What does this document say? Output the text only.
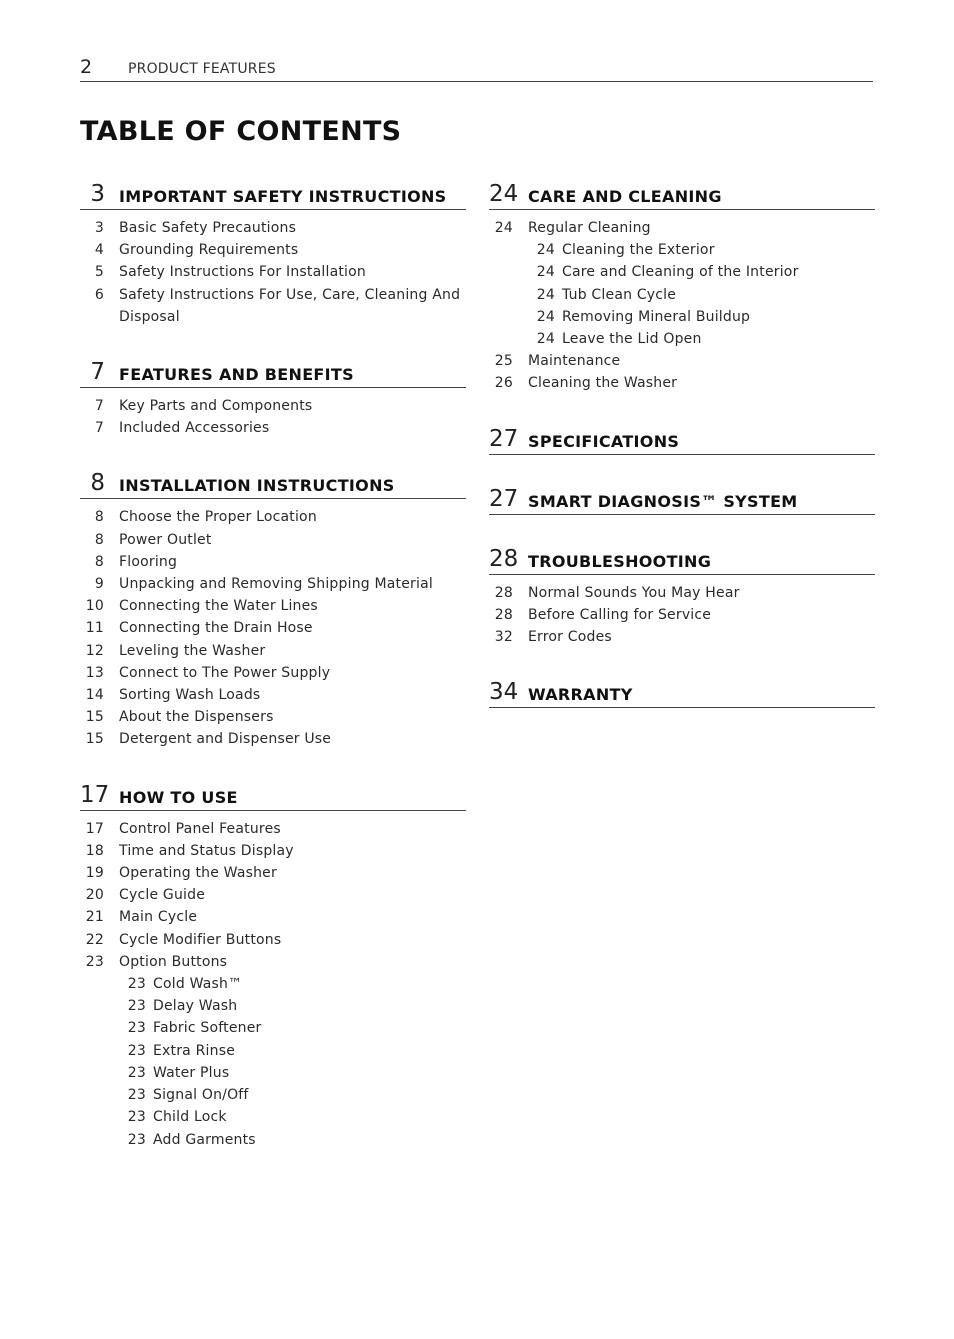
2	PRODUCT FEATURES
TABLE OF CONTENTS
3 IMPORTANT SAFETY INSTRUCTIONS
3	Basic Safety Precautions
4	Grounding Requirements
5	Safety Instructions For Installation
6	Safety Instructions For Use, Care, Cleaning And Disposal
7 FEATURES AND BENEFITS
7	Key Parts and Components
7	Included Accessories
8 INSTALLATION INSTRUCTIONS
8	Choose the Proper Location
8	Power Outlet
8	Flooring
9	Unpacking and Removing Shipping Material
10	Connecting the Water Lines
11	Connecting the Drain Hose
12	Leveling the Washer
13	Connect to The Power Supply
14	Sorting Wash Loads
15	About the Dispensers
15	Detergent and Dispenser Use
17 HOW TO USE
17	Control Panel Features
18	Time and Status Display
19	Operating the Washer
20	Cycle Guide
21	Main Cycle
22	Cycle Modifier Buttons
23	Option Buttons
23 Cold Wash™
23 Delay Wash
23 Fabric Softener
23 Extra Rinse
23 Water Plus
23 Signal On/Off
23 Child Lock
23 Add Garments
24 CARE AND CLEANING
24	Regular Cleaning
24 Cleaning the Exterior
24 Care and Cleaning of the Interior
24 Tub Clean Cycle
24 Removing Mineral Buildup
24 Leave the Lid Open
25	Maintenance
26	Cleaning the Washer
27 SPECIFICATIONS
27 SMART DIAGNOSIS™ SYSTEM
28 TROUBLESHOOTING
28	Normal Sounds You May Hear
28	Before Calling for Service
32	Error Codes
34 WARRANTY
